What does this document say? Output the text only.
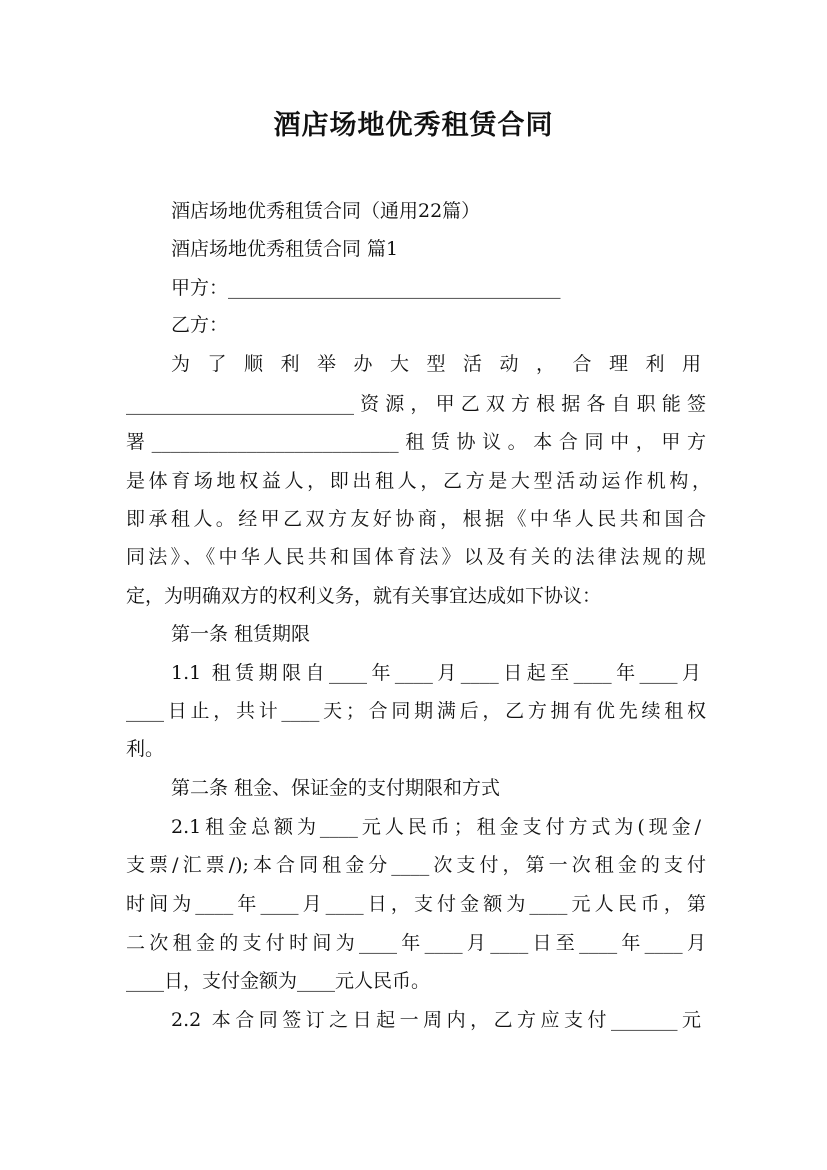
酒店场地优秀租赁合同
酒店场地优秀租赁合同（通用22篇）
酒店场地优秀租赁合同 篇1
甲方：___________________________________
乙方：
为 了 顺 利 举 办 大 型 活 动 ， 合 理 利 用
________________________资源，甲乙双方根据各自职能签
署__________________________租赁协议。本合同中，甲方
是体育场地权益人，即出租人，乙方是大型活动运作机构，
即承租人。经甲乙双方友好协商，根据《中华人民共和国合
同法》、《中华人民共和国体育法》以及有关的法律法规的规
定，为明确双方的权利义务，就有关事宜达成如下协议：
第一条 租赁期限
1.1 租赁期限自____年____月____日起至____年____月
____日止，共计____天；合同期满后，乙方拥有优先续租权
利。
第二条 租金、保证金的支付期限和方式
2.1租金总额为____元人民币；租金支付方式为(现金/
支票/汇票/);本合同租金分____次支付，第一次租金的支付
时间为____年____月____日，支付金额为____元人民币，第
二次租金的支付时间为____年____月____日至____年____月
____日，支付金额为____元人民币。
2.2 本合同签订之日起一周内，乙方应支付_______元
